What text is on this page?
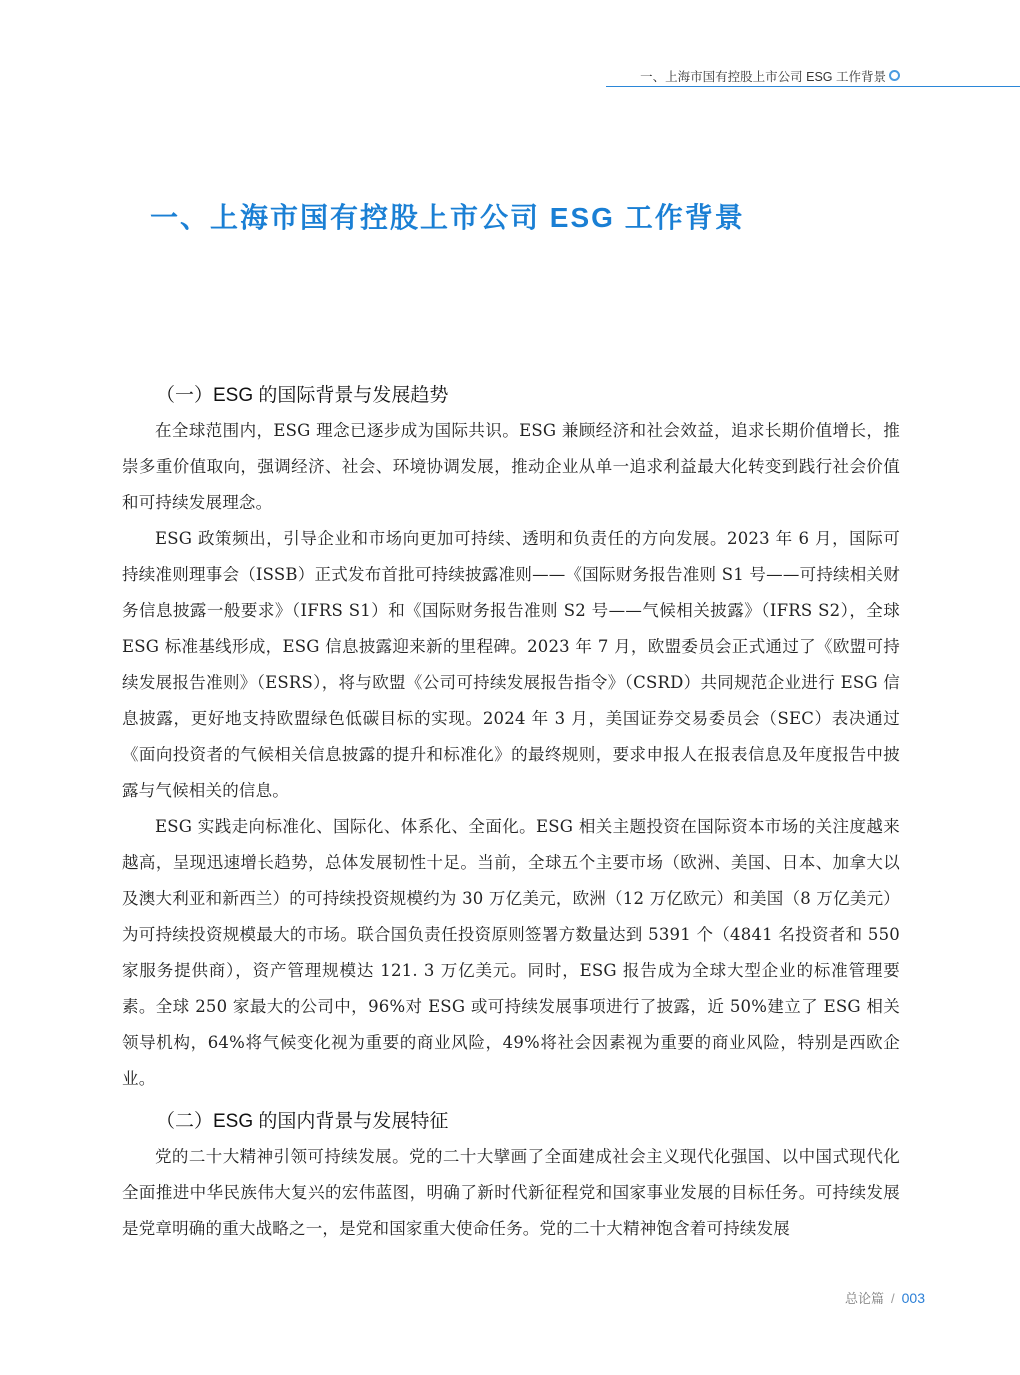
一、上海市国有控股上市公司 ESG 工作背景
一、上海市国有控股上市公司 ESG 工作背景
（一）ESG 的国际背景与发展趋势

在全球范围内，ESG 理念已逐步成为国际共识。ESG 兼顾经济和社会效益，追求长期价值增长，推崇多重价值取向，强调经济、社会、环境协调发展，推动企业从单一追求利益最大化转变到践行社会价值和可持续发展理念。

ESG 政策频出，引导企业和市场向更加可持续、透明和负责任的方向发展。2023 年 6 月，国际可持续准则理事会（ISSB）正式发布首批可持续披露准则——《国际财务报告准则 S1 号——可持续相关财务信息披露一般要求》（IFRS S1）和《国际财务报告准则 S2 号——气候相关披露》（IFRS S2），全球 ESG 标准基线形成，ESG 信息披露迎来新的里程碑。2023 年 7 月，欧盟委员会正式通过了《欧盟可持续发展报告准则》（ESRS），将与欧盟《公司可持续发展报告指令》（CSRD）共同规范企业进行 ESG 信息披露，更好地支持欧盟绿色低碳目标的实现。2024 年 3 月，美国证券交易委员会（SEC）表决通过《面向投资者的气候相关信息披露的提升和标准化》的最终规则，要求申报人在报表信息及年度报告中披露与气候相关的信息。

ESG 实践走向标准化、国际化、体系化、全面化。ESG 相关主题投资在国际资本市场的关注度越来越高，呈现迅速增长趋势，总体发展韧性十足。当前，全球五个主要市场（欧洲、美国、日本、加拿大以及澳大利亚和新西兰）的可持续投资规模约为 30 万亿美元，欧洲（12 万亿欧元）和美国（8 万亿美元）为可持续投资规模最大的市场。联合国负责任投资原则签署方数量达到 5391 个（4841 名投资者和 550 家服务提供商），资产管理规模达 121. 3 万亿美元。同时，ESG 报告成为全球大型企业的标准管理要素。全球 250 家最大的公司中，96%对 ESG 或可持续发展事项进行了披露，近 50%建立了 ESG 相关领导机构，64%将气候变化视为重要的商业风险，49%将社会因素视为重要的商业风险，特别是西欧企业。

（二）ESG 的国内背景与发展特征

党的二十大精神引领可持续发展。党的二十大擘画了全面建成社会主义现代化强国、以中国式现代化全面推进中华民族伟大复兴的宏伟蓝图，明确了新时代新征程党和国家事业发展的目标任务。可持续发展是党章明确的重大战略之一，是党和国家重大使命任务。党的二十大精神饱含着可持续发展

总论篇 / 003
